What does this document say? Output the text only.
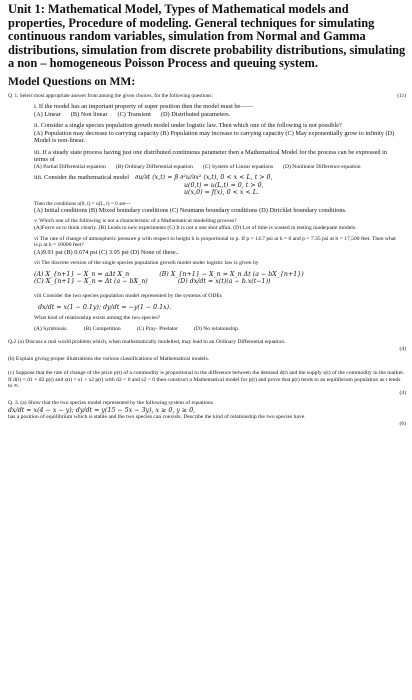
Unit 1: Mathematical Model, Types of Mathematical models and properties, Procedure of modeling. General techniques for simulating continuous random variables, simulation from Normal and Gamma distributions, simulation from discrete probability distributions, simulating a non – homogeneous Poisson Process and queuing system.
Model Questions on MM:
Q. 1. Select most appropriate answer from among the given choices, for the following questions:	(11)
i. If the model has an important property of super position then the model must be——
(A) Linear (B) Non linear (C) Transient (D) Distributed parameters.
ii. Consider a single species population growth model under logistic law. Then which one of the following is not possible?
(A) Population may decrease to carrying capacity (B) Population may increase to carrying capacity (C) May exponentially grow to infinity (D) Model is non-linear.
iii. If a steady state process having just one distributed continuous parameter then a Mathematical Model for the process can be expressed in terms of
(A) Partial Differential equation (B) Ordinary Differential equation (C) System of Linear equations (D) Nonlinear Difference equation
iiii. Consider the mathematical model ∂u/∂t (x,t) = β ∂²u/∂x² (x,t), 0 < x < L, t > 0,
u(0,t) = u(L,t) = 0, t > 0,
u(x,0) = f(x), 0 < x < L.
Then the conditions u(0, t) = u(L, t) = 0 are—
(A) Initial conditions (B) Mixed boundary conditions (C) Neumann boundary conditions (D) Dirichlet boundary conditions.
v. Which one of the following is not a characteristic of a Mathematical modelling process?
(A)Force us to think clearly. (B) Leads to new experiments (C) It is not a one shot affair. (D) Lot of time is wasted in testing inadequate models.
vi The rate of change of atmospheric pressure p with respect to height h is proportional to p. If p = 14.7 psi at h = 0 and p = 7.35 psi at h = 17,500 feet. Then what is p at h = 10000 feet?
(A)9.91 psi (B) 0.674 psi (C) 3.95 psi (D) None of these..
vii The discrete version of the single species population growth model under logistic law is given by
(A) X_{n+1} − X_n = aΔt X_n	(B) X_{n+1} − X_n = X_n Δt (a − bX_{n+1})
(C) X_{n+1} − X_n = Δt (a − bX_n)	(D) dx/dt = x(t)(a − b.x(t−1))
viii Consider the two species population model represented by the systems of ODEs
dx/dt = x(1 − 0.1y); dy/dt = −y(1 − 0.1x).
What kind of relationship exists among the two species?
(A) Symbiosis.	(B) Competition	(C) Pray- Predator	(D) No relationship.
Q.2 (a) Discuss a real world problem which, when mathematically modelled, may lead to an Ordinary Differential equation.
(4)
(b) Explain giving proper illustrations the various classifications of Mathematical models.
(c) Suppose that the rate of change of the price p(t) of a commodity is proportional to the difference between the demand d(t) and the supply s(t) of the commodity in the market. If d(t) = d1 + d2 p(t) and s(t) = s1 + s2 p(t) with d2 < 0 and s2 > 0 then construct a Mathematical model for p(t) and prove that p(t) tends to an equilibrium population as t tends to ∞.
(4)
Q. 3. (a) Show that the two species model represented by the following system of equations
dx/dt = x(4 − x − y); dy/dt = y(15 − 5x − 3y), x ≥ 0, y ≥ 0,
has a position of equilibrium which is stable and the two species can coexists. Describe the kind of relationship the two species have.
(6)
